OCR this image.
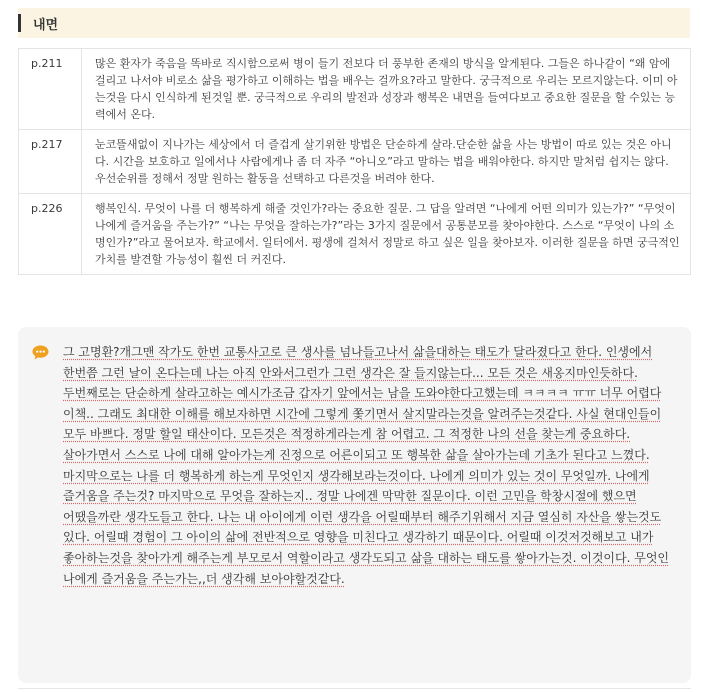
내면
p.211	많은 환자가 죽음을 똑바로 직시함으로써 병이 들기 전보다 더 풍부한 존재의 방식을 알게된다. 그들은 하나같이 “왜 암에 걸리고 나서야 비로소 삶을 평가하고 이해하는 법을 배우는 걸까요?라고 말한다. 궁극적으로 우리는 모르지않는다. 이미 아는것을 다시 인식하게 된것일 뿐. 궁극적으로 우리의 발전과 성장과 행복은 내면을 들여다보고 중요한 질문을 할 수있는 능력에서 온다.
p.217	눈코뜰새없이 지나가는 세상에서 더 즐겁게 살기위한 방법은 단순하게 살라.단순한 삶을 사는 방법이 따로 있는 것은 아니다. 시간을 보호하고 일에서나 사람에게나 좀 더 자주 “아니오”라고 말하는 법을 배워야한다. 하지만 말처럼 쉽지는 않다. 우선순위를 정해서 정말 원하는 활동을 선택하고 다른것을 버려야 한다.
p.226	행복인식. 무엇이 나를 더 행복하게 해줄 것인가?라는 중요한 질문. 그 답을 알려면 “나에게 어떤 의미가 있는가?” “무엇이 나에게 즐거움을 주는가?” “나는 무엇을 잘하는가?”라는 3가지 질문에서 공통분모를 찾아야한다. 스스로 “무엇이 나의 소명인가?”라고 물어보자. 학교에서. 일터에서. 평생에 걸쳐서 정말로 하고 싶은 일을 찾아보자. 이러한 질문을 하면 궁극적인 가치를 발견할 가능성이 훨씬 더 커진다.
그 고명환?개그맨 작가도 한번 교통사고로 큰 생사를 넘나들고나서 삶을대하는 태도가 달라졌다고 한다. 인생에서 한번쯤 그런 날이 온다는데 나는 아직 안와서그런가 그런 생각은 잘 들지않는다... 모든 것은 새옹지마인듯하다. 두번째로는 단순하게 살라고하는 예시가조금 갑자기 앞에서는 남을 도와야한다고했는데 ㅋㅋㅋㅋ ㅠㅠ 너무 어렵다 이책.. 그래도 최대한 이해를 해보자하면 시간에 그렇게 쫓기면서 살지말라는것을 알려주는것같다. 사실 현대인들이 모두 바쁘다. 정말 할일 태산이다. 모든것은 적정하게라는게 참 어렵고. 그 적정한 나의 선을 찾는게 중요하다. 살아가면서 스스로 나에 대해 알아가는게 진정으로 어른이되고 또 행복한 삶을 살아가는데 기초가 된다고 느꼈다. 마지막으로는 나를 더 행복하게 하는게 무엇인지 생각해보라는것이다. 나에게 의미가 있는 것이 무엇일까. 나에게 즐거움을 주는것? 마지막으로 무엇을 잘하는지.. 정말 나에겐 막막한 질문이다. 이런 고민을 학창시절에 했으면 어땠을까란 생각도들고 한다. 나는 내 아이에게 이런 생각을 어릴때부터 해주기위해서 지금 열심히 자산을 쌓는것도 있다. 어릴때 경험이 그 아이의 삶에 전반적으로 영향을 미친다고 생각하기 때문이다. 어릴때 이것저것해보고 내가 좋아하는것을 찾아가게 해주는게 부모로서 역할이라고 생각도되고 삶을 대하는 태도를 쌓아가는것. 이것이다. 무엇인 나에게 즐거움을 주는가는,,더 생각해 보아야할것같다.
